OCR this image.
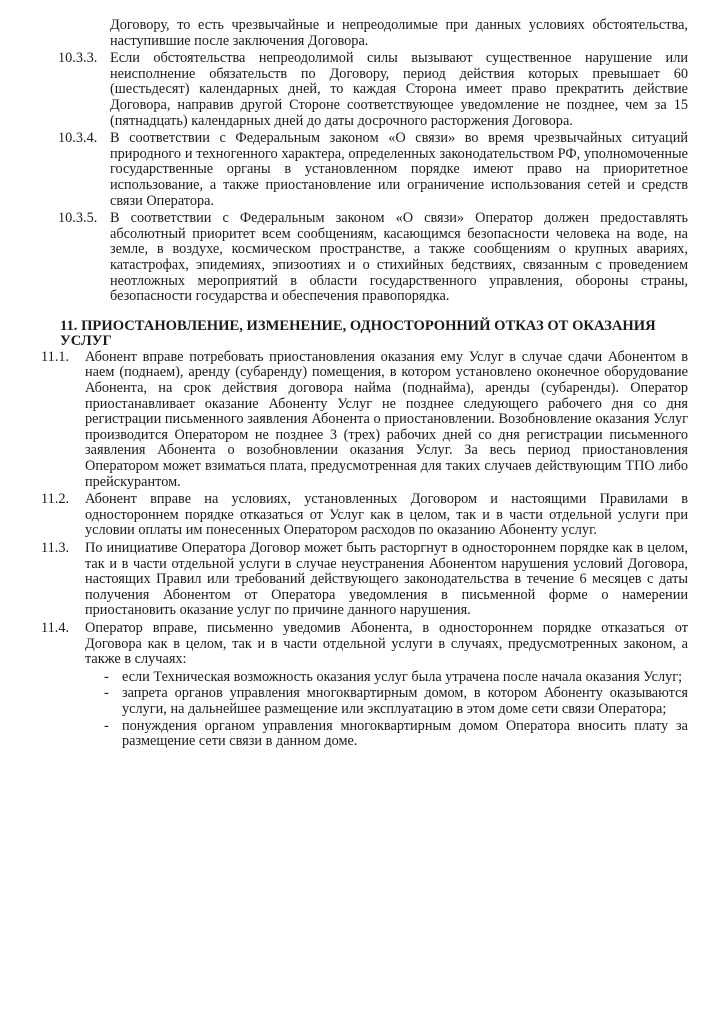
Договору, то есть чрезвычайные и непреодолимые при данных условиях обстоятельства, наступившие после заключения Договора.
10.3.3. Если обстоятельства непреодолимой силы вызывают существенное нарушение или неисполнение обязательств по Договору, период действия которых превышает 60 (шестьдесят) календарных дней, то каждая Сторона имеет право прекратить действие Договора, направив другой Стороне соответствующее уведомление не позднее, чем за 15 (пятнадцать) календарных дней до даты досрочного расторжения Договора.
10.3.4. В соответствии с Федеральным законом «О связи» во время чрезвычайных ситуаций природного и техногенного характера, определенных законодательством РФ, уполномоченные государственные органы в установленном порядке имеют право на приоритетное использование, а также приостановление или ограничение использования сетей и средств связи Оператора.
10.3.5. В соответствии с Федеральным законом «О связи» Оператор должен предоставлять абсолютный приоритет всем сообщениям, касающимся безопасности человека на воде, на земле, в воздухе, космическом пространстве, а также сообщениям о крупных авариях, катастрофах, эпидемиях, эпизоотиях и о стихийных бедствиях, связанным с проведением неотложных мероприятий в области государственного управления, обороны страны, безопасности государства и обеспечения правопорядка.
11. ПРИОСТАНОВЛЕНИЕ, ИЗМЕНЕНИЕ, ОДНОСТОРОННИЙ ОТКАЗ ОТ ОКАЗАНИЯ
УСЛУГ
11.1.	Абонент вправе потребовать приостановления оказания ему Услуг в случае сдачи Абонентом в наем (поднаем), аренду (субаренду) помещения, в котором установлено оконечное оборудование Абонента, на срок действия договора найма (поднайма), аренды (субаренды). Оператор приостанавливает оказание Абоненту Услуг не позднее следующего рабочего дня со дня регистрации письменного заявления Абонента о приостановлении. Возобновление оказания Услуг производится Оператором не позднее 3 (трех) рабочих дней со дня регистрации письменного заявления Абонента о возобновлении оказания Услуг. За весь период приостановления Оператором может взиматься плата, предусмотренная для таких случаев действующим ТПО либо прейскурантом.
11.2.	Абонент вправе на условиях, установленных Договором и настоящими Правилами в одностороннем порядке отказаться от Услуг как в целом, так и в части отдельной услуги при условии оплаты им понесенных Оператором расходов по оказанию Абоненту услуг.
11.3.	По инициативе Оператора Договор может быть расторгнут в одностороннем порядке как в целом, так и в части отдельной услуги в случае неустранения Абонентом нарушения условий Договора, настоящих Правил или требований действующего законодательства в течение 6 месяцев с даты получения Абонентом от Оператора уведомления в письменной форме о намерении приостановить оказание услуг по причине данного нарушения.
11.4.	Оператор вправе, письменно уведомив Абонента, в одностороннем порядке отказаться от Договора как в целом, так и в части отдельной услуги в случаях, предусмотренных законом, а также в случаях:
- если Техническая возможность оказания услуг была утрачена после начала оказания Услуг;
- запрета органов управления многоквартирным домом, в котором Абоненту оказываются услуги, на дальнейшее размещение или эксплуатацию в этом доме сети связи Оператора;
- понуждения органом управления многоквартирным домом Оператора вносить плату за размещение сети связи в данном доме.
